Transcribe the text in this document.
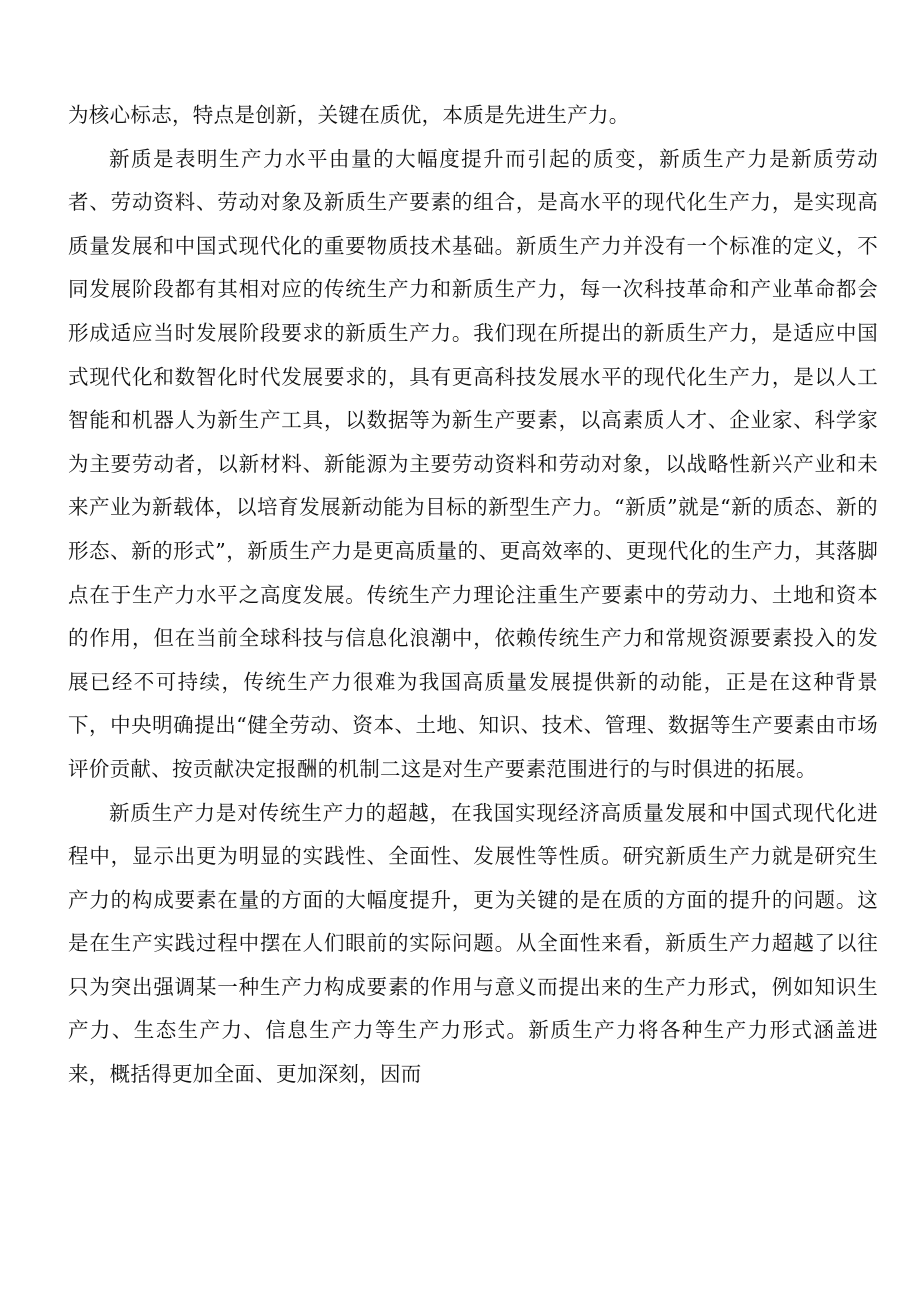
为核心标志，特点是创新，关键在质优，本质是先进生产力。

新质是表明生产力水平由量的大幅度提升而引起的质变，新质生产力是新质劳动者、劳动资料、劳动对象及新质生产要素的组合，是高水平的现代化生产力，是实现高质量发展和中国式现代化的重要物质技术基础。新质生产力并没有一个标准的定义，不同发展阶段都有其相对应的传统生产力和新质生产力，每一次科技革命和产业革命都会形成适应当时发展阶段要求的新质生产力。我们现在所提出的新质生产力，是适应中国式现代化和数智化时代发展要求的，具有更高科技发展水平的现代化生产力，是以人工智能和机器人为新生产工具，以数据等为新生产要素，以高素质人才、企业家、科学家为主要劳动者，以新材料、新能源为主要劳动资料和劳动对象，以战略性新兴产业和未来产业为新载体，以培育发展新动能为目标的新型生产力。“新质”就是“新的质态、新的形态、新的形式”，新质生产力是更高质量的、更高效率的、更现代化的生产力，其落脚点在于生产力水平之高度发展。传统生产力理论注重生产要素中的劳动力、土地和资本的作用，但在当前全球科技与信息化浪潮中，依赖传统生产力和常规资源要素投入的发展已经不可持续，传统生产力很难为我国高质量发展提供新的动能，正是在这种背景下，中央明确提出“健全劳动、资本、土地、知识、技术、管理、数据等生产要素由市场评价贡献、按贡献决定报酬的机制二这是对生产要素范围进行的与时俱进的拓展。

新质生产力是对传统生产力的超越，在我国实现经济高质量发展和中国式现代化进程中，显示出更为明显的实践性、全面性、发展性等性质。研究新质生产力就是研究生产力的构成要素在量的方面的大幅度提升，更为关键的是在质的方面的提升的问题。这是在生产实践过程中摆在人们眼前的实际问题。从全面性来看，新质生产力超越了以往只为突出强调某一种生产力构成要素的作用与意义而提出来的生产力形式，例如知识生产力、生态生产力、信息生产力等生产力形式。新质生产力将各种生产力形式涵盖进来，概括得更加全面、更加深刻，因而
